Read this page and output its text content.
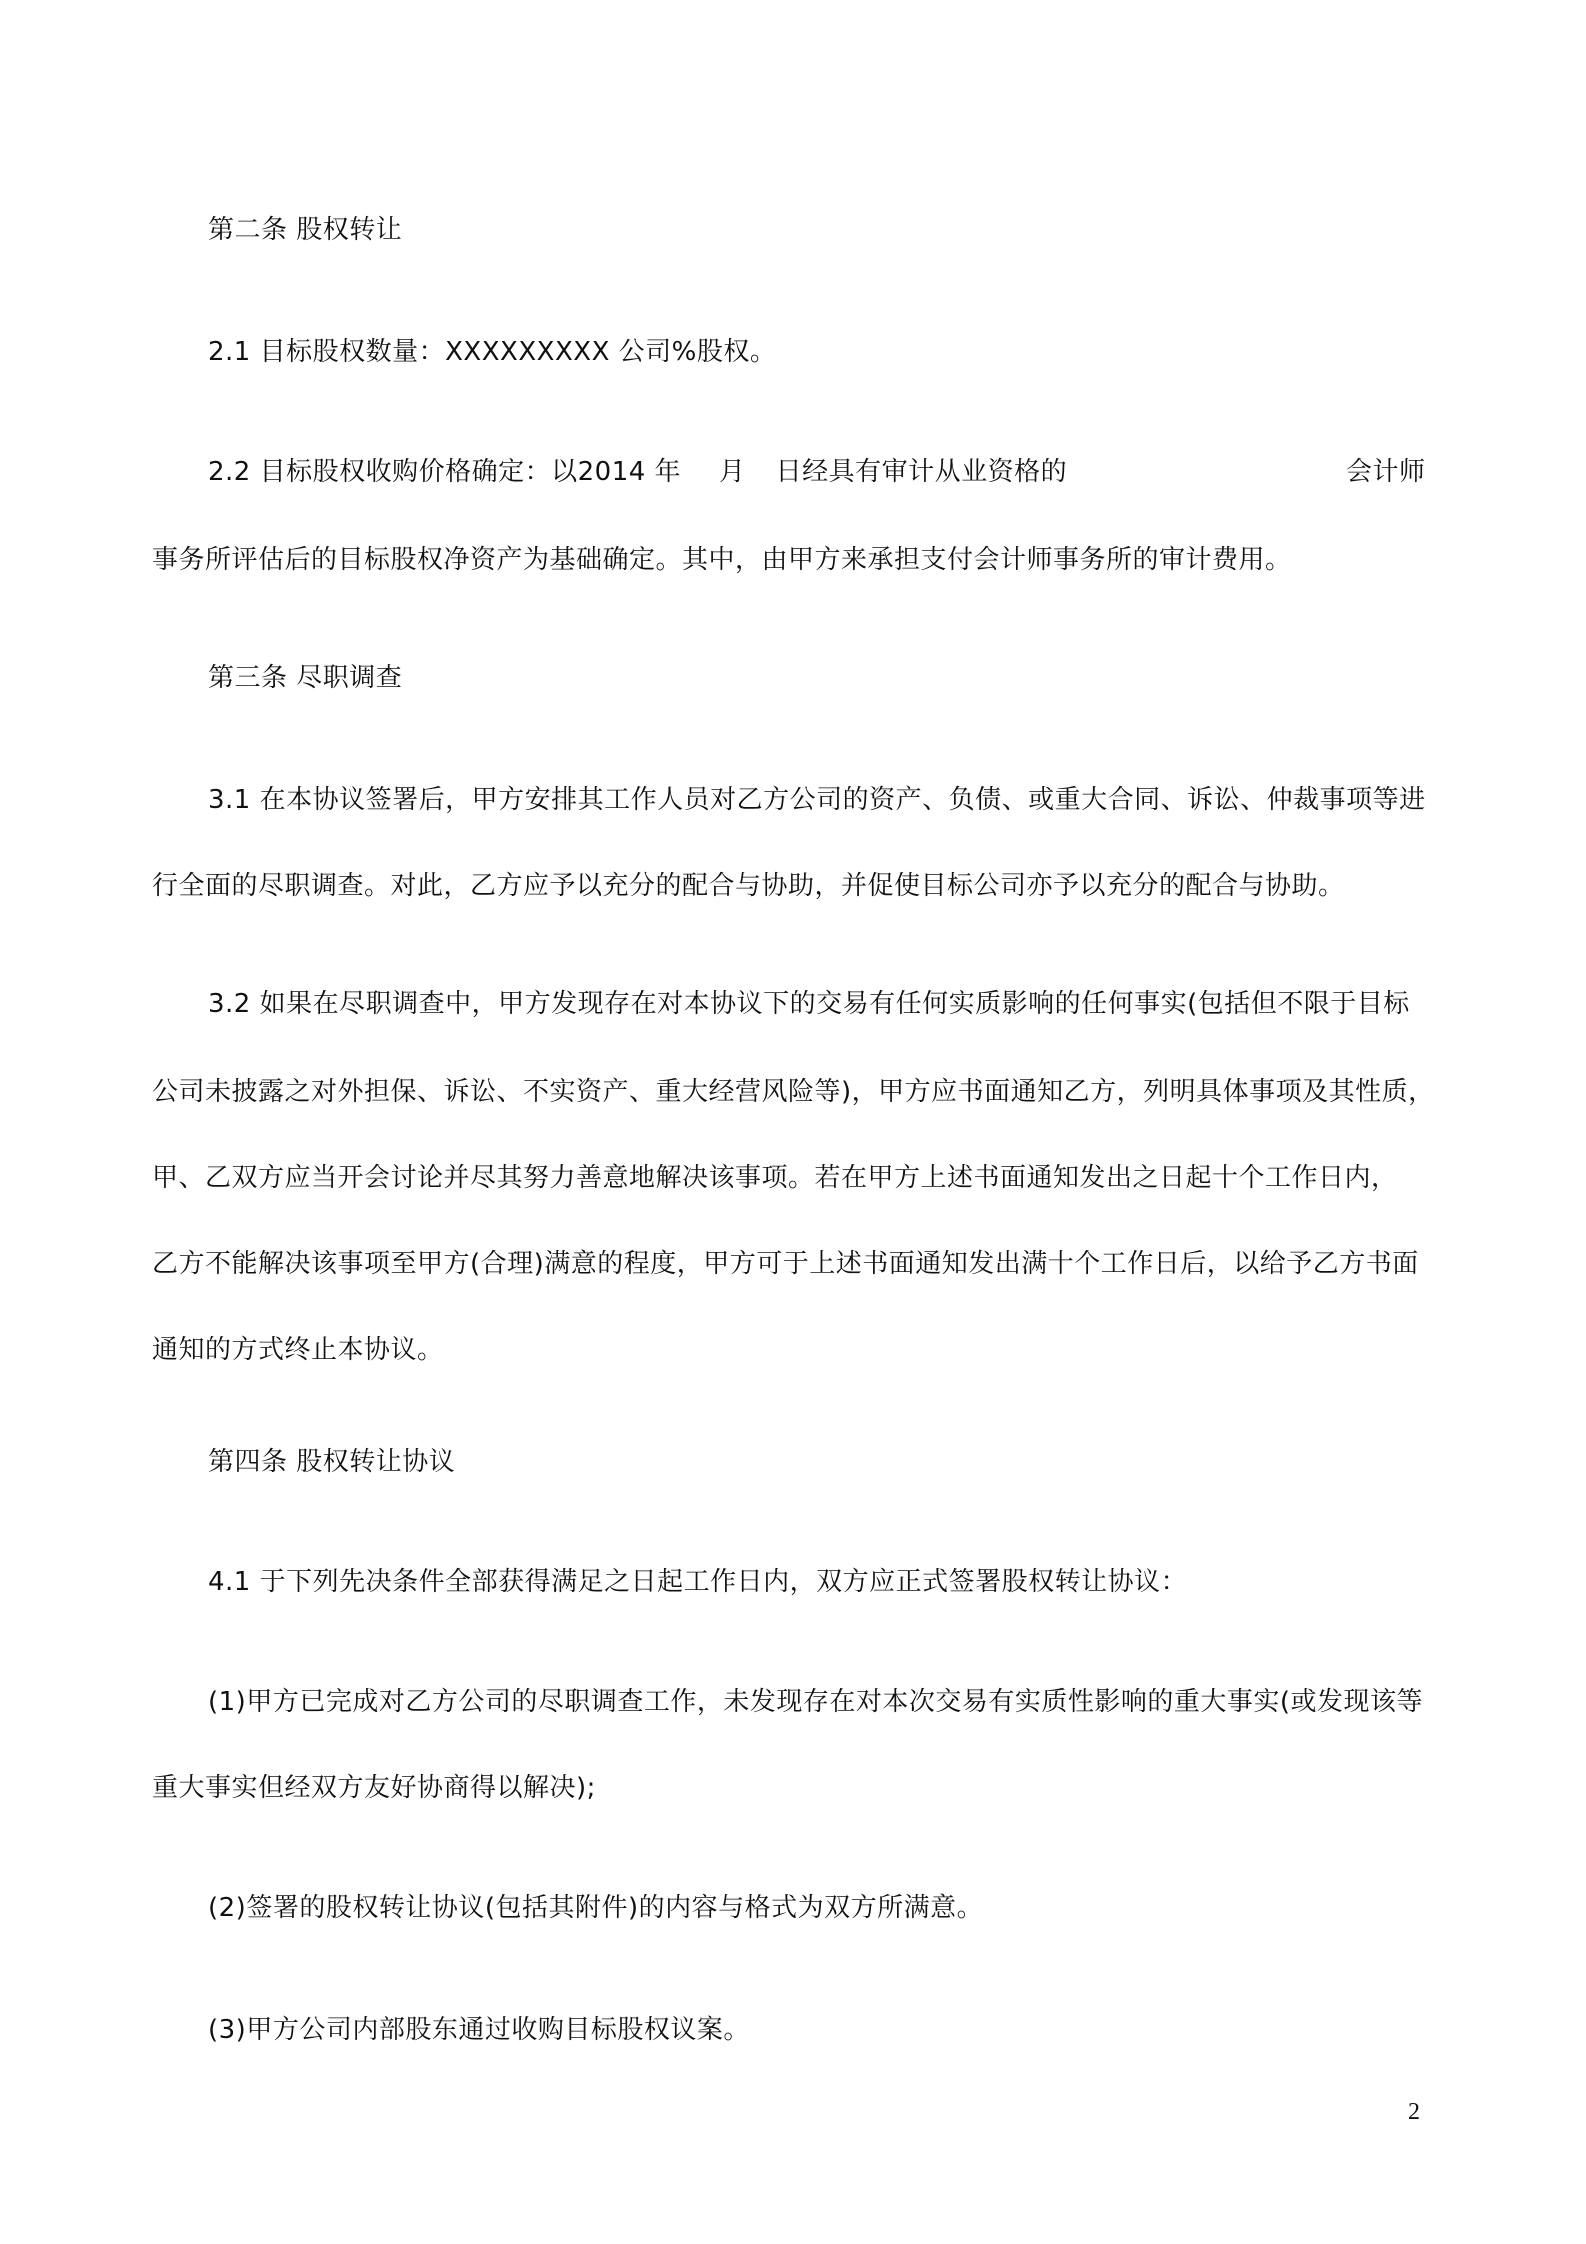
第二条 股权转让
2.1 目标股权数量：XXXXXXXXX 公司%股权。
2.2 目标股权收购价格确定：以2014 年 月 日经具有审计从业资格的	会计师
事务所评估后的目标股权净资产为基础确定。其中，由甲方来承担支付会计师事务所的审计费用。
第三条 尽职调查
3.1 在本协议签署后，甲方安排其工作人员对乙方公司的资产、负债、或重大合同、诉讼、仲裁事项等进
行全面的尽职调查。对此，乙方应予以充分的配合与协助，并促使目标公司亦予以充分的配合与协助。
3.2 如果在尽职调查中，甲方发现存在对本协议下的交易有任何实质影响的任何事实(包括但不限于目标
公司未披露之对外担保、诉讼、不实资产、重大经营风险等)，甲方应书面通知乙方，列明具体事项及其性质，
甲、乙双方应当开会讨论并尽其努力善意地解决该事项。若在甲方上述书面通知发出之日起十个工作日内，
乙方不能解决该事项至甲方(合理)满意的程度，甲方可于上述书面通知发出满十个工作日后，以给予乙方书面
通知的方式终止本协议。
第四条 股权转让协议
4.1 于下列先决条件全部获得满足之日起工作日内，双方应正式签署股权转让协议：
(1)甲方已完成对乙方公司的尽职调查工作，未发现存在对本次交易有实质性影响的重大事实(或发现该等
重大事实但经双方友好协商得以解决);
(2)签署的股权转让协议(包括其附件)的内容与格式为双方所满意。
(3)甲方公司内部股东通过收购目标股权议案。
2
